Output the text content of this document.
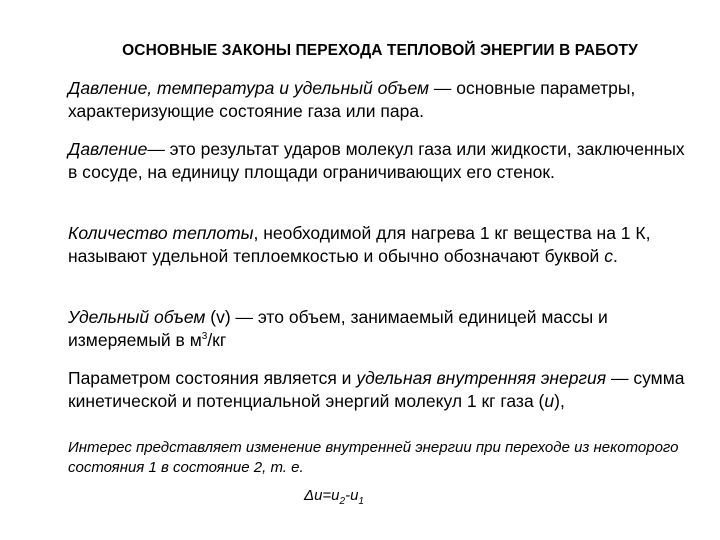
ОСНОВНЫЕ ЗАКОНЫ ПЕРЕХОДА ТЕПЛОВОЙ ЭНЕРГИИ В РАБОТУ
Давление, температура и удельный объем — основные параметры, характеризующие состояние газа или пара.
Давление— это результат ударов молекул газа или жидкости, заключенных в сосуде, на единицу площади ограничивающих его стенок.
Количество теплоты, необходимой для нагрева 1 кг вещества на 1 К, называют удельной теплоемкостью и обычно обозначают буквой с.
Удельный объем (v) — это объем, занимаемый единицей массы и измеряемый в $м^3/кг$
Параметром состояния является и удельная внутренняя энергия — сумма кинетической и потенциальной энергий молекул 1 кг газа (u),
Интерес представляет изменение внутренней энергии при переходе из некоторого состояния 1 в состояние 2, т. е.
$\Delta u=u_2-u_1$
